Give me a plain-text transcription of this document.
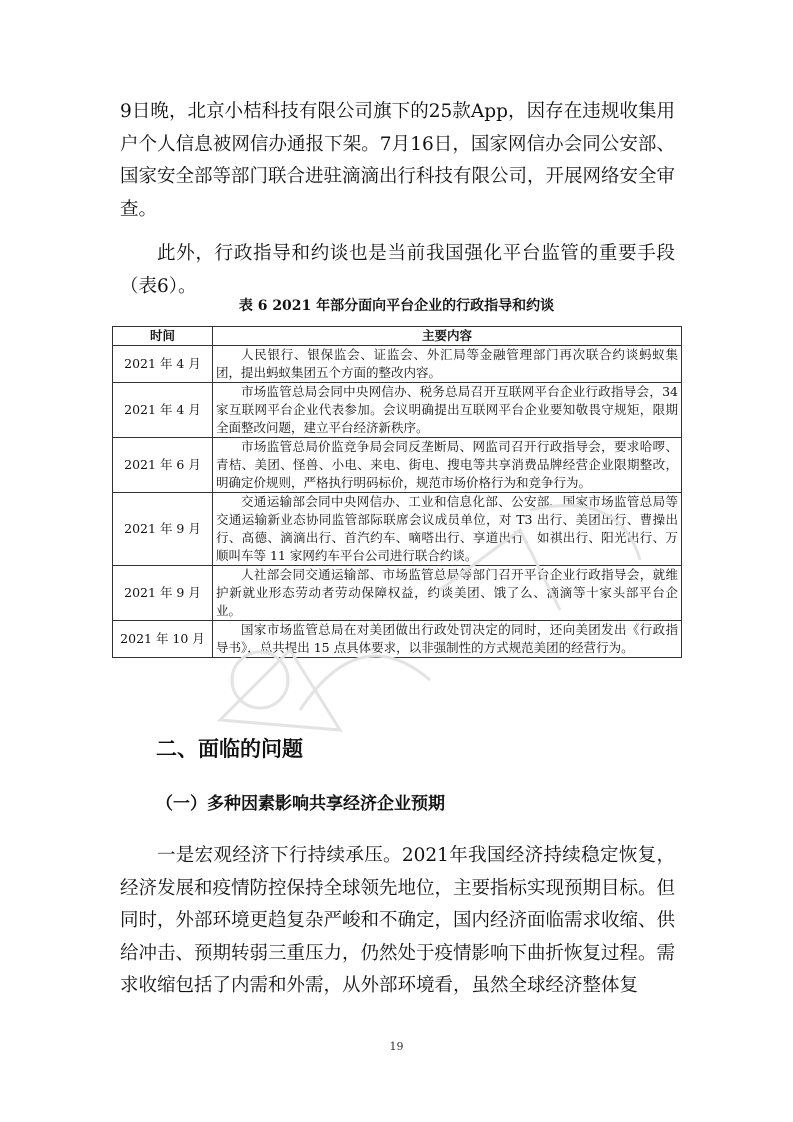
9日晚，北京小桔科技有限公司旗下的25款App，因存在违规收集用户个人信息被网信办通报下架。7月16日，国家网信办会同公安部、国家安全部等部门联合进驻滴滴出行科技有限公司，开展网络安全审查。

此外，行政指导和约谈也是当前我国强化平台监管的重要手段（表6）。

表 6 2021 年部分面向平台企业的行政指导和约谈
时间	主要内容
2021 年 4 月	人民银行、银保监会、证监会、外汇局等金融管理部门再次联合约谈蚂蚁集团，提出蚂蚁集团五个方面的整改内容。
2021 年 4 月	市场监管总局会同中央网信办、税务总局召开互联网平台企业行政指导会，34 家互联网平台企业代表参加。会议明确提出互联网平台企业要知敬畏守规矩，限期全面整改问题，建立平台经济新秩序。
2021 年 6 月	市场监管总局价监竞争局会同反垄断局、网监司召开行政指导会，要求哈啰、青桔、美团、怪兽、小电、来电、街电、搜电等共享消费品牌经营企业限期整改，明确定价规则，严格执行明码标价，规范市场价格行为和竞争行为。
2021 年 9 月	交通运输部会同中央网信办、工业和信息化部、公安部、国家市场监管总局等交通运输新业态协同监管部际联席会议成员单位，对 T3 出行、美团出行、曹操出行、高德、滴滴出行、首汽约车、嘀嗒出行、享道出行、如祺出行、阳光出行、万顺叫车等 11 家网约车平台公司进行联合约谈。
2021 年 9 月	人社部会同交通运输部、市场监管总局等部门召开平台企业行政指导会，就维护新就业形态劳动者劳动保障权益，约谈美团、饿了么、滴滴等十家头部平台企业。
2021 年 10 月	国家市场监管总局在对美团做出行政处罚决定的同时，还向美团发出《行政指导书》，总共提出 15 点具体要求，以非强制性的方式规范美团的经营行为。
二、面临的问题
（一）多种因素影响共享经济企业预期

一是宏观经济下行持续承压。2021年我国经济持续稳定恢复，经济发展和疫情防控保持全球领先地位，主要指标实现预期目标。但同时，外部环境更趋复杂严峻和不确定，国内经济面临需求收缩、供给冲击、预期转弱三重压力，仍然处于疫情影响下曲折恢复过程。需求收缩包括了内需和外需，从外部环境看，虽然全球经济整体复

19
